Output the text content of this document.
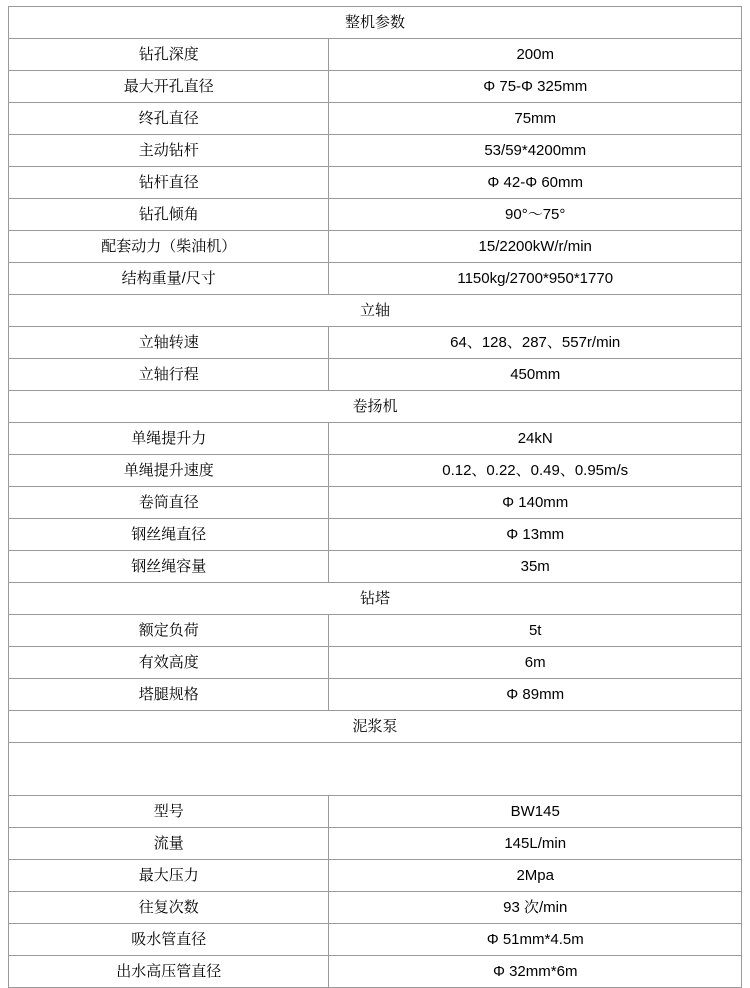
整机参数	
钻孔深度	200m
最大开孔直径	Φ 75-Φ 325mm
终孔直径	75mm
主动钻杆	53/59*4200mm
钻杆直径	Φ 42-Φ 60mm
钻孔倾角	90°～75°
配套动力（柴油机）	15/2200kW/r/min
结构重量/尺寸	1150kg/2700*950*1770
立轴	
立轴转速	64、128、287、557r/min
立轴行程	450mm
卷扬机	
单绳提升力	24kN
单绳提升速度	0.12、0.22、0.49、0.95m/s
卷筒直径	Φ 140mm
钢丝绳直径	Φ 13mm
钢丝绳容量	35m
钻塔	
额定负荷	5t
有效高度	6m
塔腿规格	Φ 89mm
泥浆泵	

型号	BW145
流量	145L/min
最大压力	2Mpa
往复次数	93 次/min
吸水管直径	Φ 51mm*4.5m
出水高压管直径	Φ 32mm*6m
